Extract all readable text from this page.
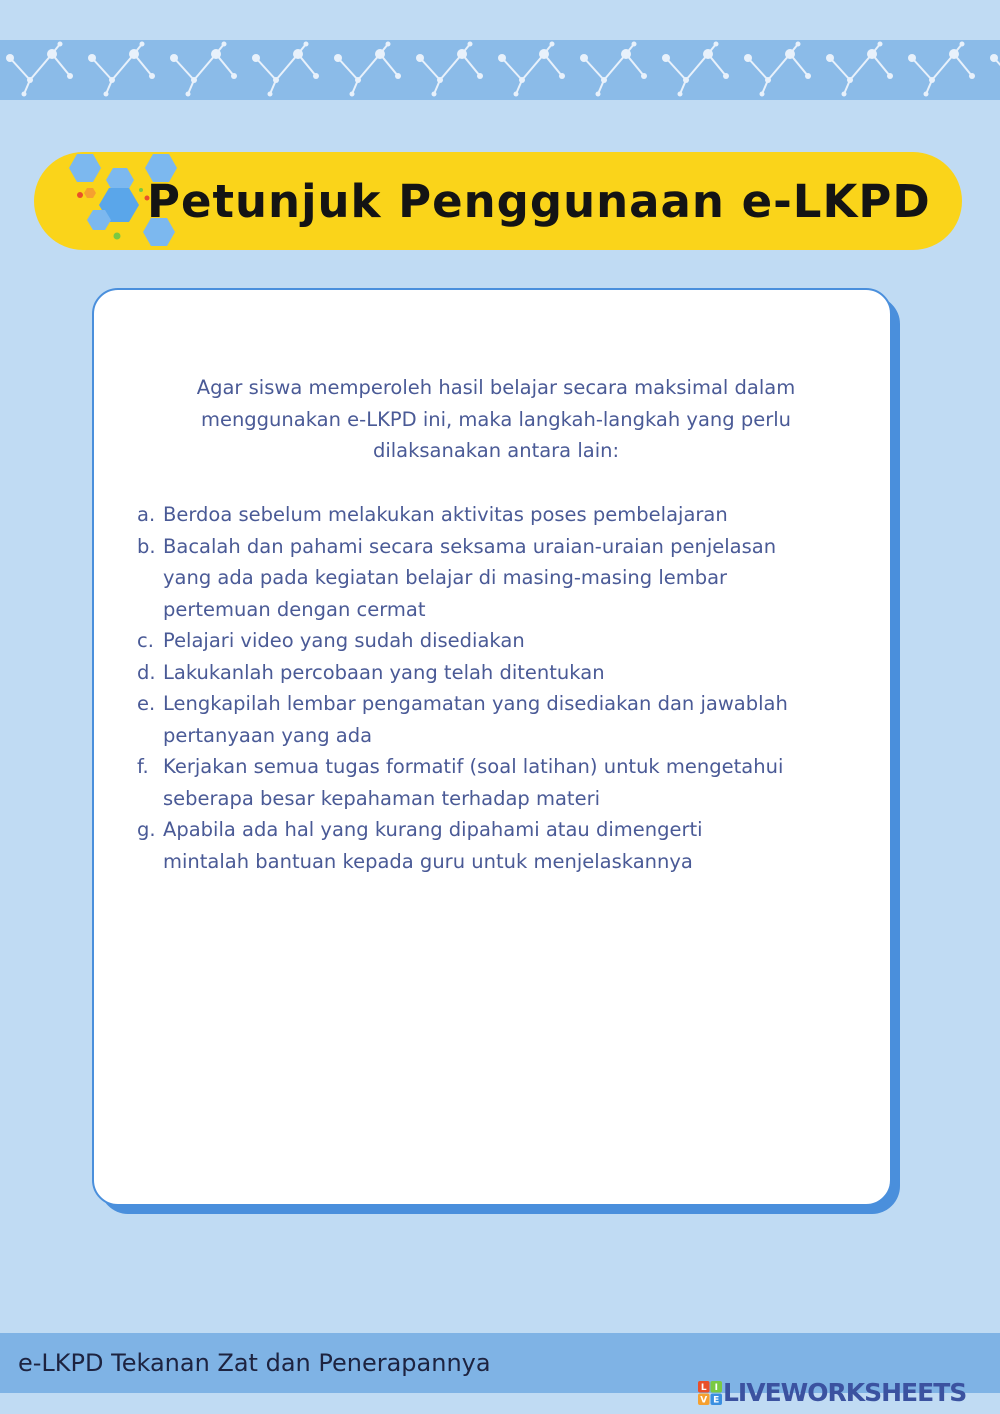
Petunjuk Penggunaan e-LKPD

Agar siswa memperoleh hasil belajar secara maksimal dalam menggunakan e-LKPD ini, maka langkah-langkah yang perlu dilaksanakan antara lain:

a. Berdoa sebelum melakukan aktivitas poses pembelajaran
b. Bacalah dan pahami secara seksama uraian-uraian penjelasan
yang ada pada kegiatan belajar di masing-masing lembar
pertemuan dengan cermat
c. Pelajari video yang sudah disediakan
d. Lakukanlah percobaan yang telah ditentukan
e. Lengkapilah lembar pengamatan yang disediakan dan jawablah
pertanyaan yang ada
f. Kerjakan semua tugas formatif (soal latihan) untuk mengetahui
seberapa besar kepahaman terhadap materi
g. Apabila ada hal yang kurang dipahami atau dimengerti
mintalah bantuan kepada guru untuk menjelaskannya

e-LKPD Tekanan Zat dan Penerapannya

L I
V E LIVEWORKSHEETS
